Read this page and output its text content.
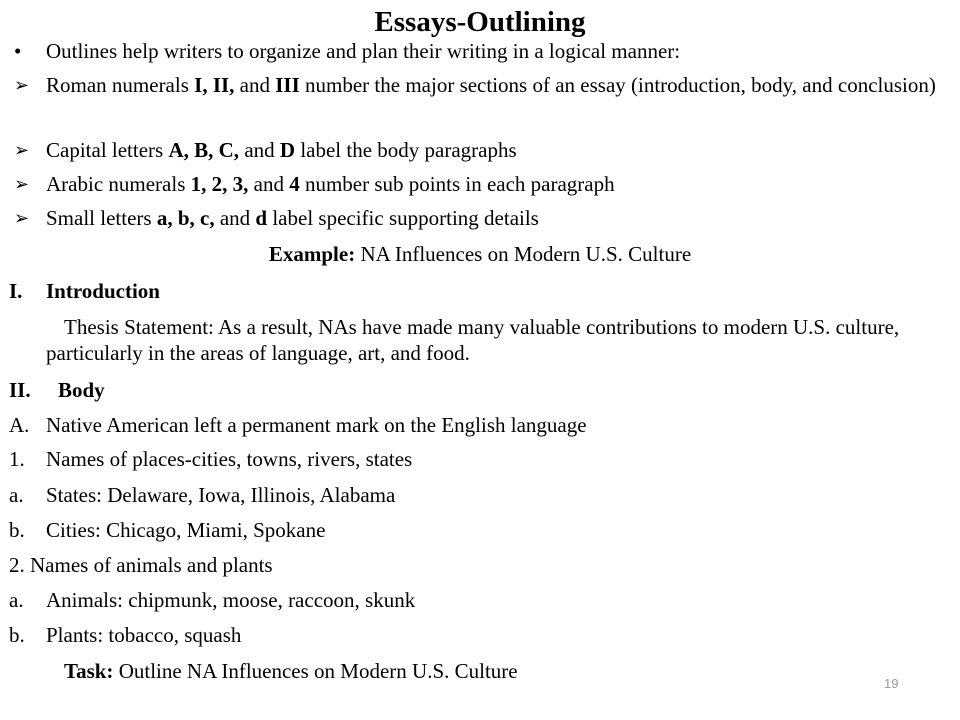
Essays-Outlining
• Outlines help writers to organize and plan their writing in a logical manner:
➢ Roman numerals I, II, and III number the major sections of an essay (introduction, body, and conclusion)
➢ Capital letters A, B, C, and D label the body paragraphs
➢ Arabic numerals 1, 2, 3, and 4 number sub points in each paragraph
➢ Small letters a, b, c, and d label specific supporting details
Example: NA Influences on Modern U.S. Culture
I. Introduction
Thesis Statement: As a result, NAs have made many valuable contributions to modern U.S. culture, particularly in the areas of language, art, and food.
II. Body
A. Native American left a permanent mark on the English language
1. Names of places-cities, towns, rivers, states
a. States: Delaware, Iowa, Illinois, Alabama
b. Cities: Chicago, Miami, Spokane
2. Names of animals and plants
a. Animals: chipmunk, moose, raccoon, skunk
b. Plants: tobacco, squash
Task: Outline NA Influences on Modern U.S. Culture
19
